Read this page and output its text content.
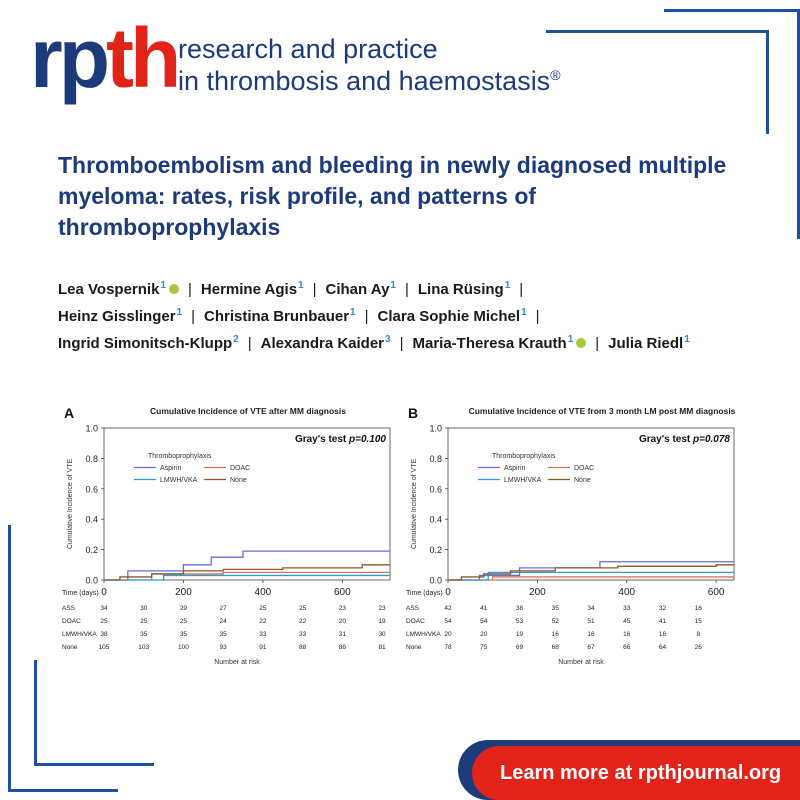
rpth research and practice
in thrombosis and haemostasis®
Thromboembolism and bleeding in newly diagnosed multiple myeloma: rates, risk profile, and patterns of thromboprophylaxis
Lea Vospernik$^1$ | Hermine Agis$^1$ | Cihan Ay$^1$ | Lina Rüsing$^1$ |
Heinz Gisslinger$^1$ | Christina Brunbauer$^1$ | Clara Sophie Michel$^1$ |
Ingrid Simonitsch-Klupp$^2$ | Alexandra Kaider$^3$ | Maria-Theresa Krauth$^1$ | Julia Riedl$^1$
A	Cumulative Incidence of VTE after MM diagnosis
0.0
0.2
0.4
0.6
0.8
1.0
Cumulative Incidence of VTE
0	200	400	600
Time (days)
Gray's test p=0.100
Thromboprophylaxis
Aspirin	DOAC
LMWH/VKA	None
ASS	34	30	29	27	25	25	23	23
DOAC	25	25	25	24	22	22	20	19
LMWH/VKA 38	35	35	35	33	33	31	30
None	105	103	100	93	91	88	86	81
Number at risk
B	Cumulative Incidence of VTE from 3 month LM post MM diagnosis
0.0
0.2
0.4
0.6
0.8
1.0
Cumulative Incidence of VTE
0	200	400	600
Time (days)
Gray's test p=0.078
Thromboprophylaxis
Aspirin	DOAC
LMWH/VKA	None
ASS	42	41	38	35	34	33	32	16
DOAC	54	54	53	52	51	45	41	15
LMWH/VKA 20	20	19	16	16	16	16	8
None	78	75	69	68	67	66	64	26
Number at risk
Learn more at rpthjournal.org
